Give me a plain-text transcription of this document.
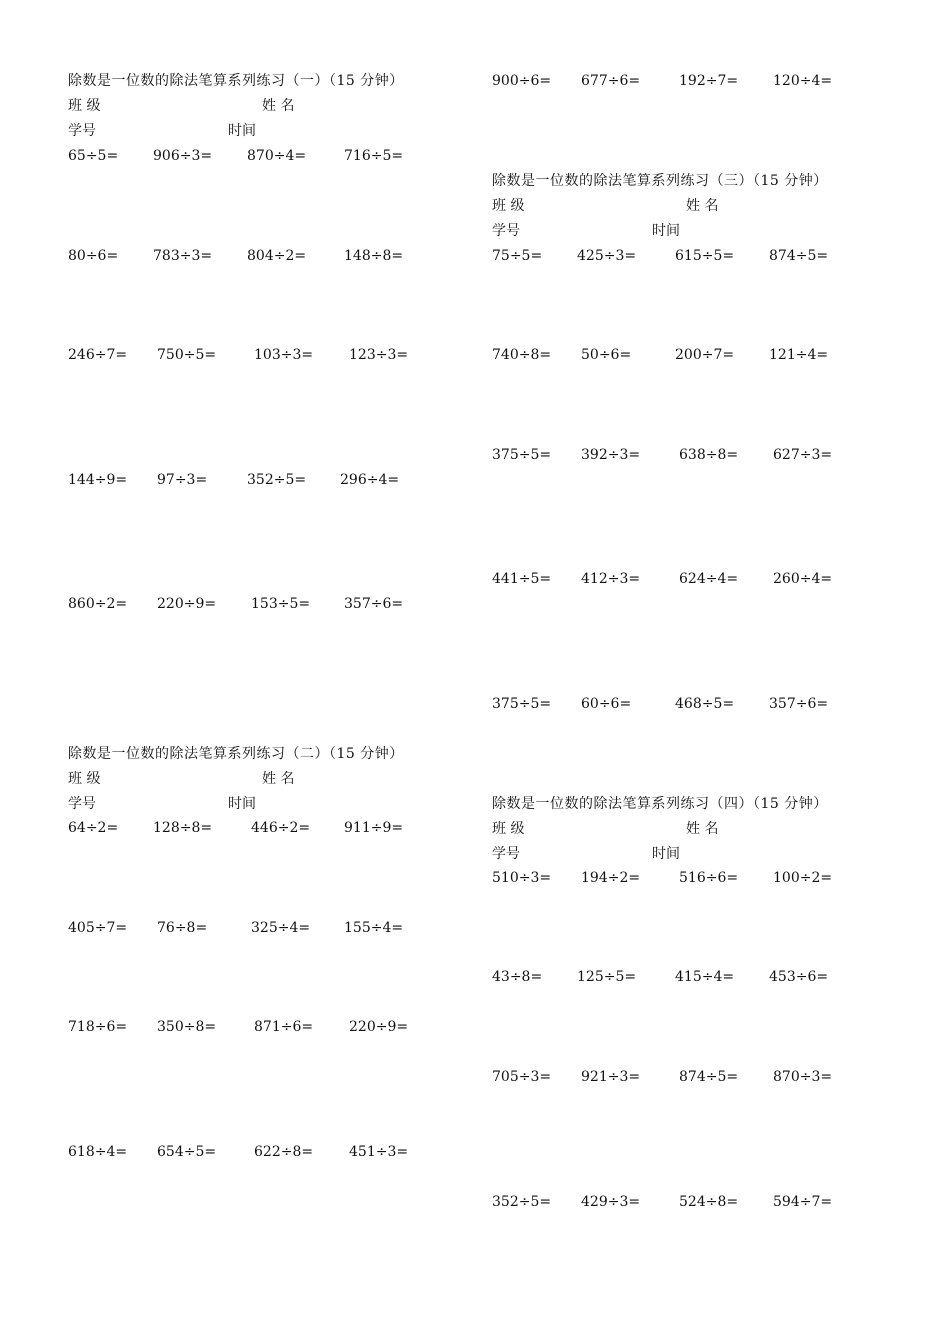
除数是一位数的除法笔算系列练习（一）（15 分钟）
班 级	姓 名
学号	时间
65÷5= 906÷3= 870÷4=	716÷5=
80÷6= 783÷3= 804÷2=	148÷8=
246÷7= 750÷5=	103÷3=	123÷3=
144÷9= 97÷3=	352÷5= 296÷4=
860÷2= 220÷9= 153÷5= 357÷6=
除数是一位数的除法笔算系列练习（二）（15 分钟）
班 级	姓 名
学号	时间
64÷2= 128÷8=	446÷2= 911÷9=
405÷7= 76÷8=	325÷4= 155÷4=
718÷6= 350÷8=	871÷6=	220÷9=
618÷4= 654÷5=	622÷8=	451÷3=
900÷6= 677÷6=	192÷7= 120÷4=
除数是一位数的除法笔算系列练习（三）（15 分钟）
班 级	姓 名
学号	时间
75÷5= 425÷3=	615÷5= 874÷5=
740÷8= 50÷6=	200÷7= 121÷4=
375÷5= 392÷3=	638÷8= 627÷3=
441÷5= 412÷3=	624÷4= 260÷4=
375÷5= 60÷6=	468÷5= 357÷6=
除数是一位数的除法笔算系列练习（四）（15 分钟）
班 级	姓 名
学号	时间
510÷3= 194÷2=	516÷6= 100÷2=
43÷8= 125÷5=	415÷4= 453÷6=
705÷3= 921÷3=	874÷5= 870÷3=
352÷5= 429÷3=	524÷8= 594÷7=
